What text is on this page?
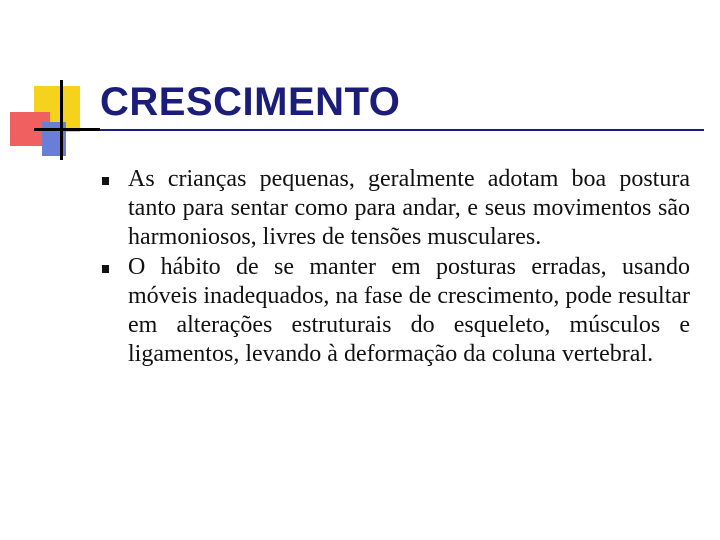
CRESCIMENTO

As crianças pequenas, geralmente adotam boa postura tanto para sentar como para andar, e seus movimentos são harmoniosos, livres de tensões musculares.

O hábito de se manter em posturas erradas, usando móveis inadequados, na fase de crescimento, pode resultar em alterações estruturais do esqueleto, músculos e ligamentos, levando à deformação da coluna vertebral.
